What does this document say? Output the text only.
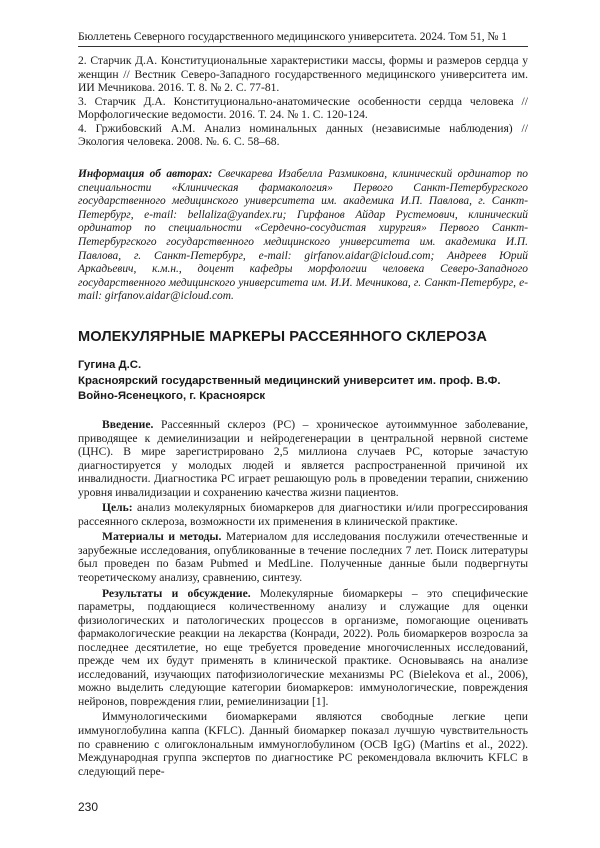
Бюллетень Северного государственного медицинского университета. 2024. Том 51, № 1

2. Старчик Д.А. Конституциональные характеристики массы, формы и размеров сердца у женщин // Вестник Северо-Западного государственного медицинского университета им. ИИ Мечникова. 2016. Т. 8. № 2. С. 77-81.

3. Старчик Д.А. Конституционально-анатомические особенности сердца человека // Морфологические ведомости. 2016. Т. 24. № 1. С. 120-124.

4. Гржибовский А.М. Анализ номинальных данных (независимые наблюдения) // Экология человека. 2008. №. 6. С. 58–68.

Информация об авторах: Свечкарева Изабелла Размиковна, клинический ординатор по специальности «Клиническая фармакология» Первого Санкт-Петербургского государственного медицинского университета им. академика И.П. Павлова, г. Санкт-Петербург, e-mail: bellaliza@yandex.ru; Гирфанов Айдар Рустемович, клинический ординатор по специальности «Сердечно-сосудистая хирургия» Первого Санкт-Петербургского государственного медицинского университета им. академика И.П. Павлова, г. Санкт-Петербург, e-mail: girfanov.aidar@icloud.com; Андреев Юрий Аркадьевич, к.м.н., доцент кафедры морфологии человека Северо-Западного государственного медицинского университета им. И.И. Мечникова, г. Санкт-Петербург, e-mail: girfanov.aidar@icloud.com.

МОЛЕКУЛЯРНЫЕ МАРКЕРЫ РАССЕЯННОГО СКЛЕРОЗА
Гугина Д.С.
Красноярский государственный медицинский университет им. проф. В.Ф. Войно-Ясенецкого, г. Красноярск

Введение. Рассеянный склероз (РС) – хроническое аутоиммунное заболевание, приводящее к демиелинизации и нейродегенерации в центральной нервной системе (ЦНС). В мире зарегистрировано 2,5 миллиона случаев РС, которые зачастую диагностируется у молодых людей и является распространенной причиной их инвалидности. Диагностика РС играет решающую роль в проведении терапии, снижению уровня инвалидизации и сохранению качества жизни пациентов.

Цель: анализ молекулярных биомаркеров для диагностики и/или прогрессирования рассеянного склероза, возможности их применения в клинической практике.

Материалы и методы. Материалом для исследования послужили отечественные и зарубежные исследования, опубликованные в течение последних 7 лет. Поиск литературы был проведен по базам Pubmed и MedLine. Полученные данные были подвергнуты теоретическому анализу, сравнению, синтезу.

Результаты и обсуждение. Молекулярные биомаркеры – это специфические параметры, поддающиеся количественному анализу и служащие для оценки физиологических и патологических процессов в организме, помогающие оценивать фармакологические реакции на лекарства (Конради, 2022). Роль биомаркеров возросла за последнее десятилетие, но еще требуется проведение многочисленных исследований, прежде чем их будут применять в клинической практике. Основываясь на анализе исследований, изучающих патофизиологические механизмы РС (Bielekova et al., 2006), можно выделить следующие категории биомаркеров: иммунологические, повреждения нейронов, повреждения глии, ремиелинизации [1].

Иммунологическими биомаркерами являются свободные легкие цепи иммуноглобулина каппа (KFLC). Данный биомаркер показал лучшую чувствительность по сравнению с олигоклональным иммуноглобулином (OCB IgG) (Martins et al., 2022). Международная группа экспертов по диагностике РС рекомендовала включить KFLC в следующий пере-

230
